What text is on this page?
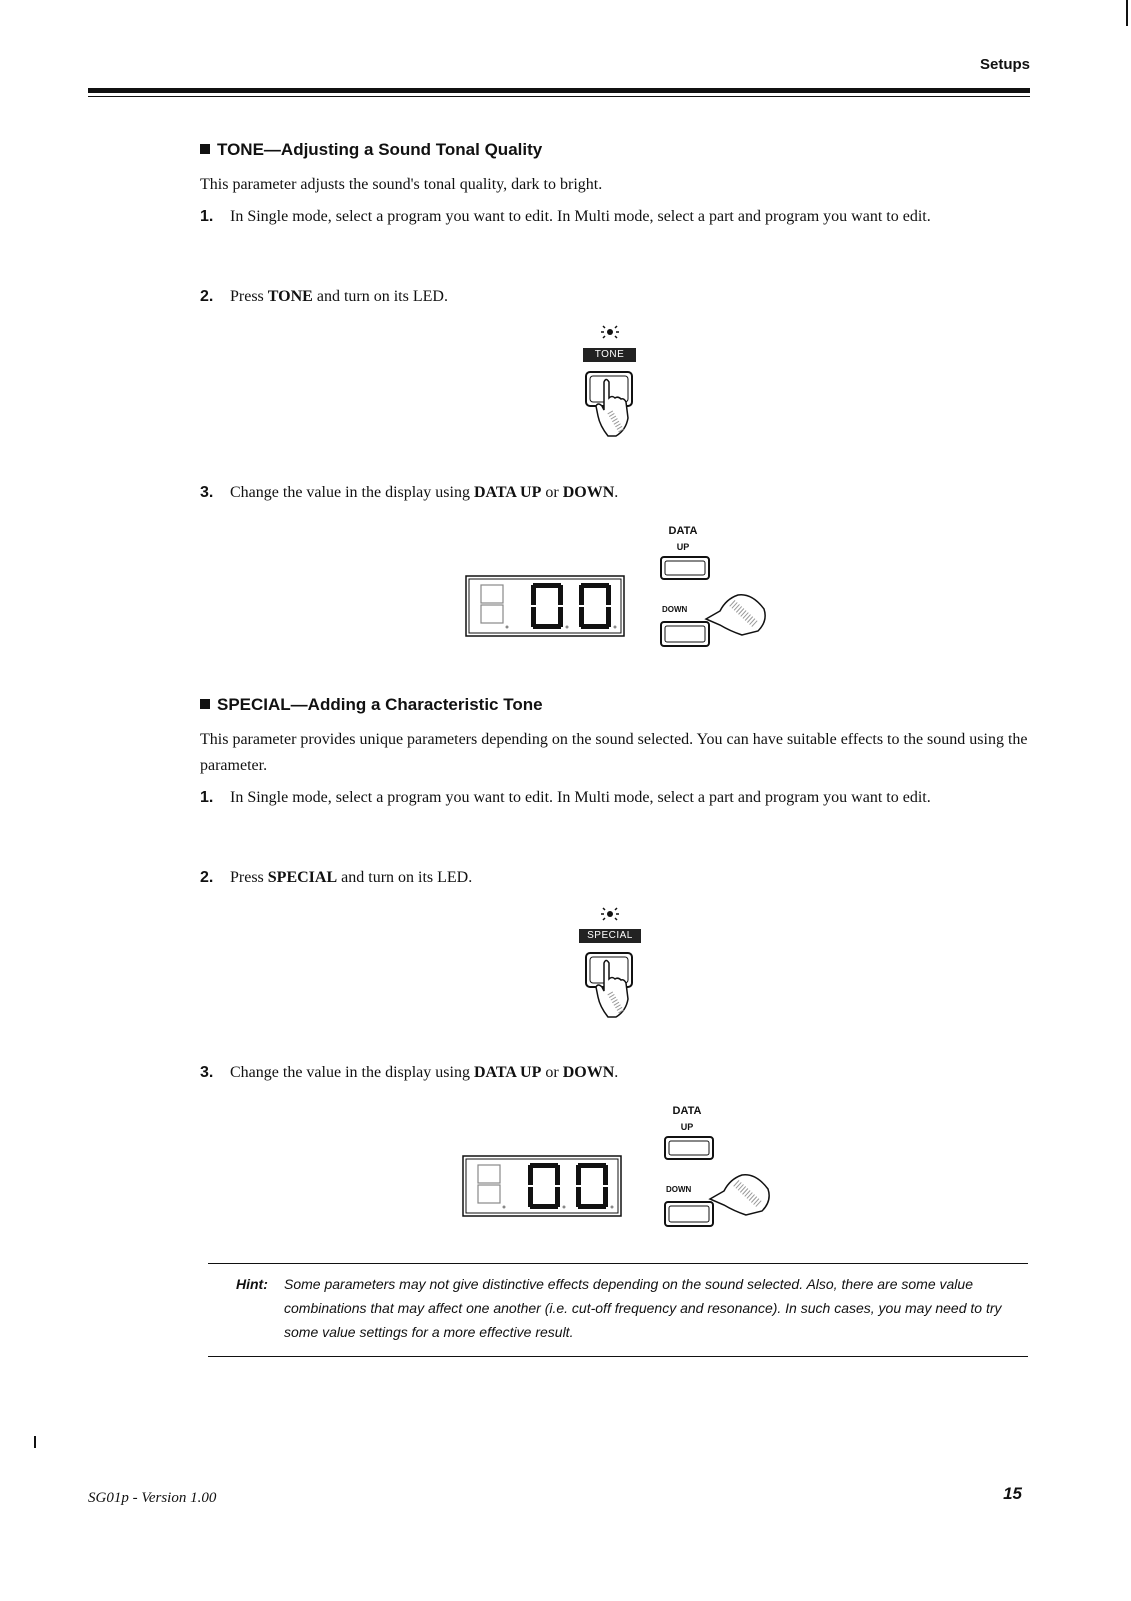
Setups
TONE—Adjusting a Sound Tonal Quality
This parameter adjusts the sound's tonal quality, dark to bright.
1. In Single mode, select a program you want to edit. In Multi mode, select a part and program you want to edit.
2. Press TONE and turn on its LED.
TONE
3. Change the value in the display using DATA UP or DOWN.
DATA
UP
DOWN
SPECIAL—Adding a Characteristic Tone
This parameter provides unique parameters depending on the sound selected. You can have suitable effects to the sound using the parameter.
1. In Single mode, select a program you want to edit. In Multi mode, select a part and program you want to edit.
2. Press SPECIAL and turn on its LED.
SPECIAL
3. Change the value in the display using DATA UP or DOWN.
DATA
UP
DOWN
Hint: Some parameters may not give distinctive effects depending on the sound selected. Also, there are some value combinations that may affect one another (i.e. cut-off frequency and resonance). In such cases, you may need to try some value settings for a more effective result.
SG01p - Version 1.00	15
